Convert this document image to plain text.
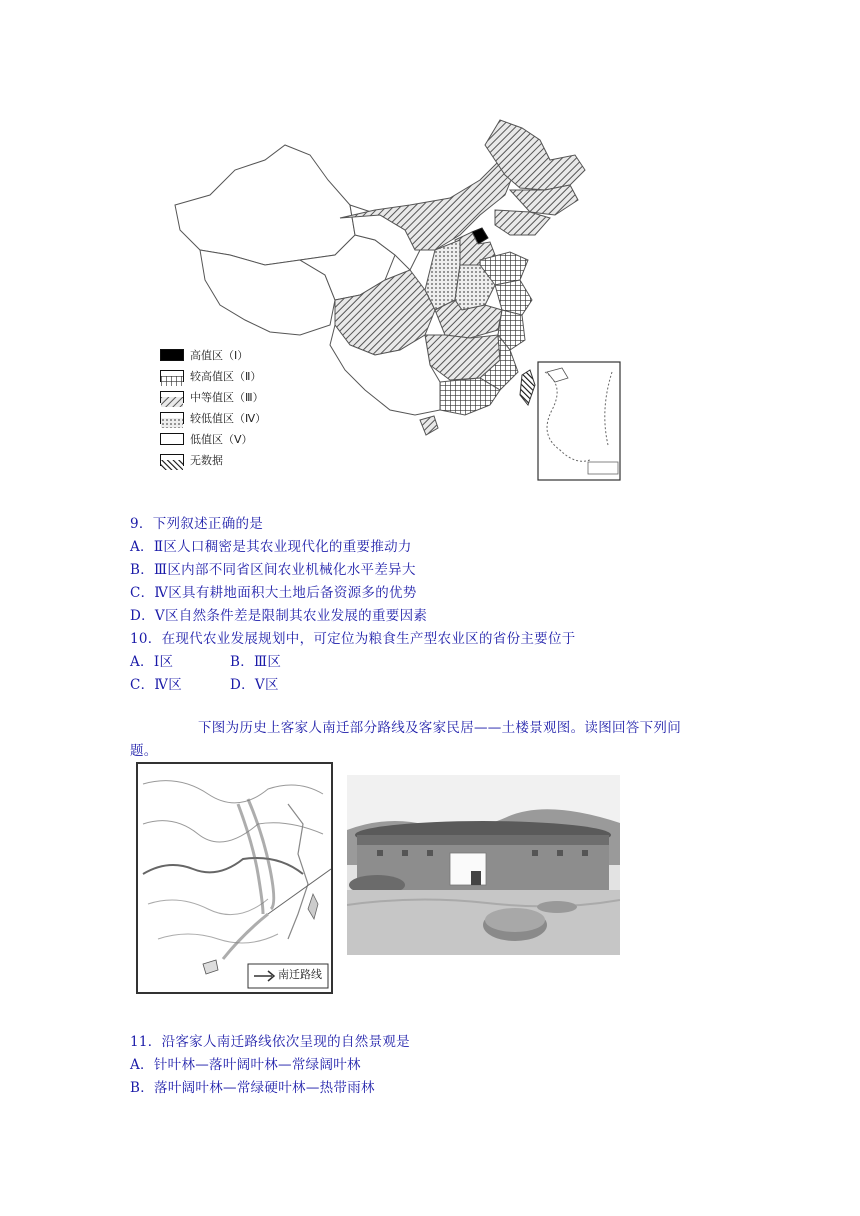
高值区（Ⅰ）
较高值区（Ⅱ）
中等值区（Ⅲ）
较低值区（Ⅳ）
低值区（Ⅴ）
无数据
9．下列叙述正确的是
A．Ⅱ区人口稠密是其农业现代化的重要推动力
B．Ⅲ区内部不同省区间农业机械化水平差异大
C．Ⅳ区具有耕地面积大土地后备资源多的优势
D．Ⅴ区自然条件差是限制其农业发展的重要因素
10．在现代农业发展规划中，可定位为粮食生产型农业区的省份主要位于
A．Ⅰ区	B．Ⅲ区
C．Ⅳ区	D．Ⅴ区
下图为历史上客家人南迁部分路线及客家民居——土楼景观图。读图回答下列问
题。
南迁路线
11．沿客家人南迁路线依次呈现的自然景观是
A．针叶林—落叶阔叶林—常绿阔叶林
B．落叶阔叶林—常绿硬叶林—热带雨林
